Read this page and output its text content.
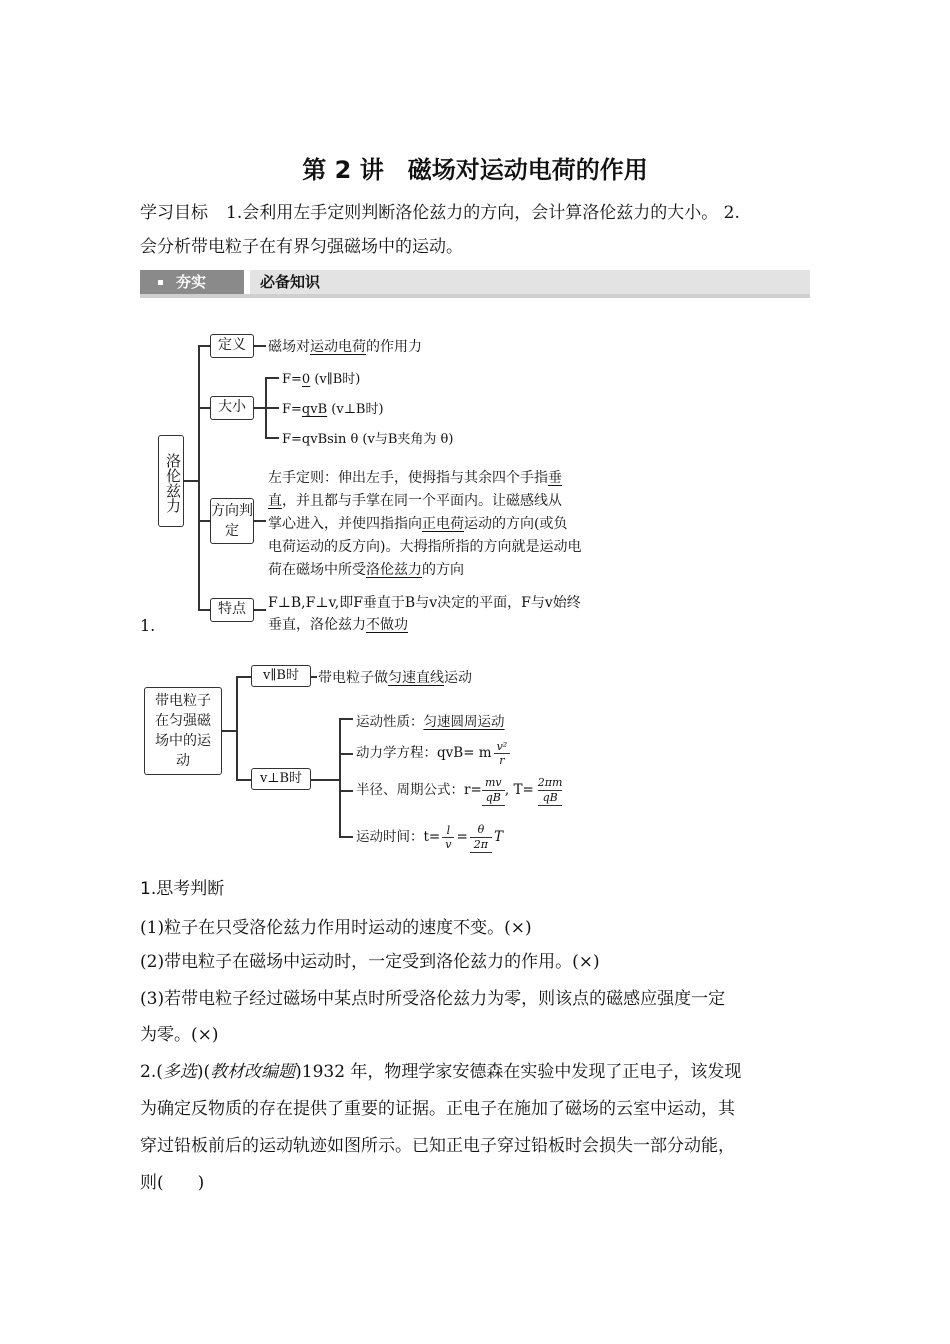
第 2 讲　磁场对运动电荷的作用
学习目标 1.会利用左手定则判断洛伦兹力的方向，会计算洛伦兹力的大小。 2.
会分析带电粒子在有界匀强磁场中的运动。
夯实	必备知识
洛伦兹力
定义	磁场对运动电荷的作用力
大小
F=0 (v∥B时)
F=qvB (v⊥B时)
F=qvBsin θ (v与B夹角为 θ)
方向判定
左手定则：伸出左手，使拇指与其余四个手指垂
直，并且都与手掌在同一个平面内。让磁感线从
掌心进入，并使四指指向正电荷运动的方向(或负
电荷运动的反方向)。大拇指所指的方向就是运动电
荷在磁场中所受洛伦兹力的方向
特点	F⊥B,F⊥v,即F垂直于B与v决定的平面，F与v始终
垂直，洛伦兹力不做功
1.
带电粒子
在匀强磁
场中的运
动
v∥B时	带电粒子做匀速直线运动
v⊥B时
运动性质：匀速圆周运动
动力学方程：qvB= m $\frac{\text{v²}}{r}$
半径、周期公式：$r= \frac{mv}{qB}$ , $T= \frac{2\pi m}{qB}$
运动时间：$t= \frac{l}{v} = \frac{\theta}{2\pi}$ T
1.思考判断
(1)粒子在只受洛伦兹力作用时运动的速度不变。(×)
(2)带电粒子在磁场中运动时，一定受到洛伦兹力的作用。(×)
(3)若带电粒子经过磁场中某点时所受洛伦兹力为零，则该点的磁感应强度一定
为零。(×)
2.(多选)(教材改编题)1932 年，物理学家安德森在实验中发现了正电子，该发现
为确定反物质的存在提供了重要的证据。正电子在施加了磁场的云室中运动，其
穿过铅板前后的运动轨迹如图所示。已知正电子穿过铅板时会损失一部分动能，
则(　　)
